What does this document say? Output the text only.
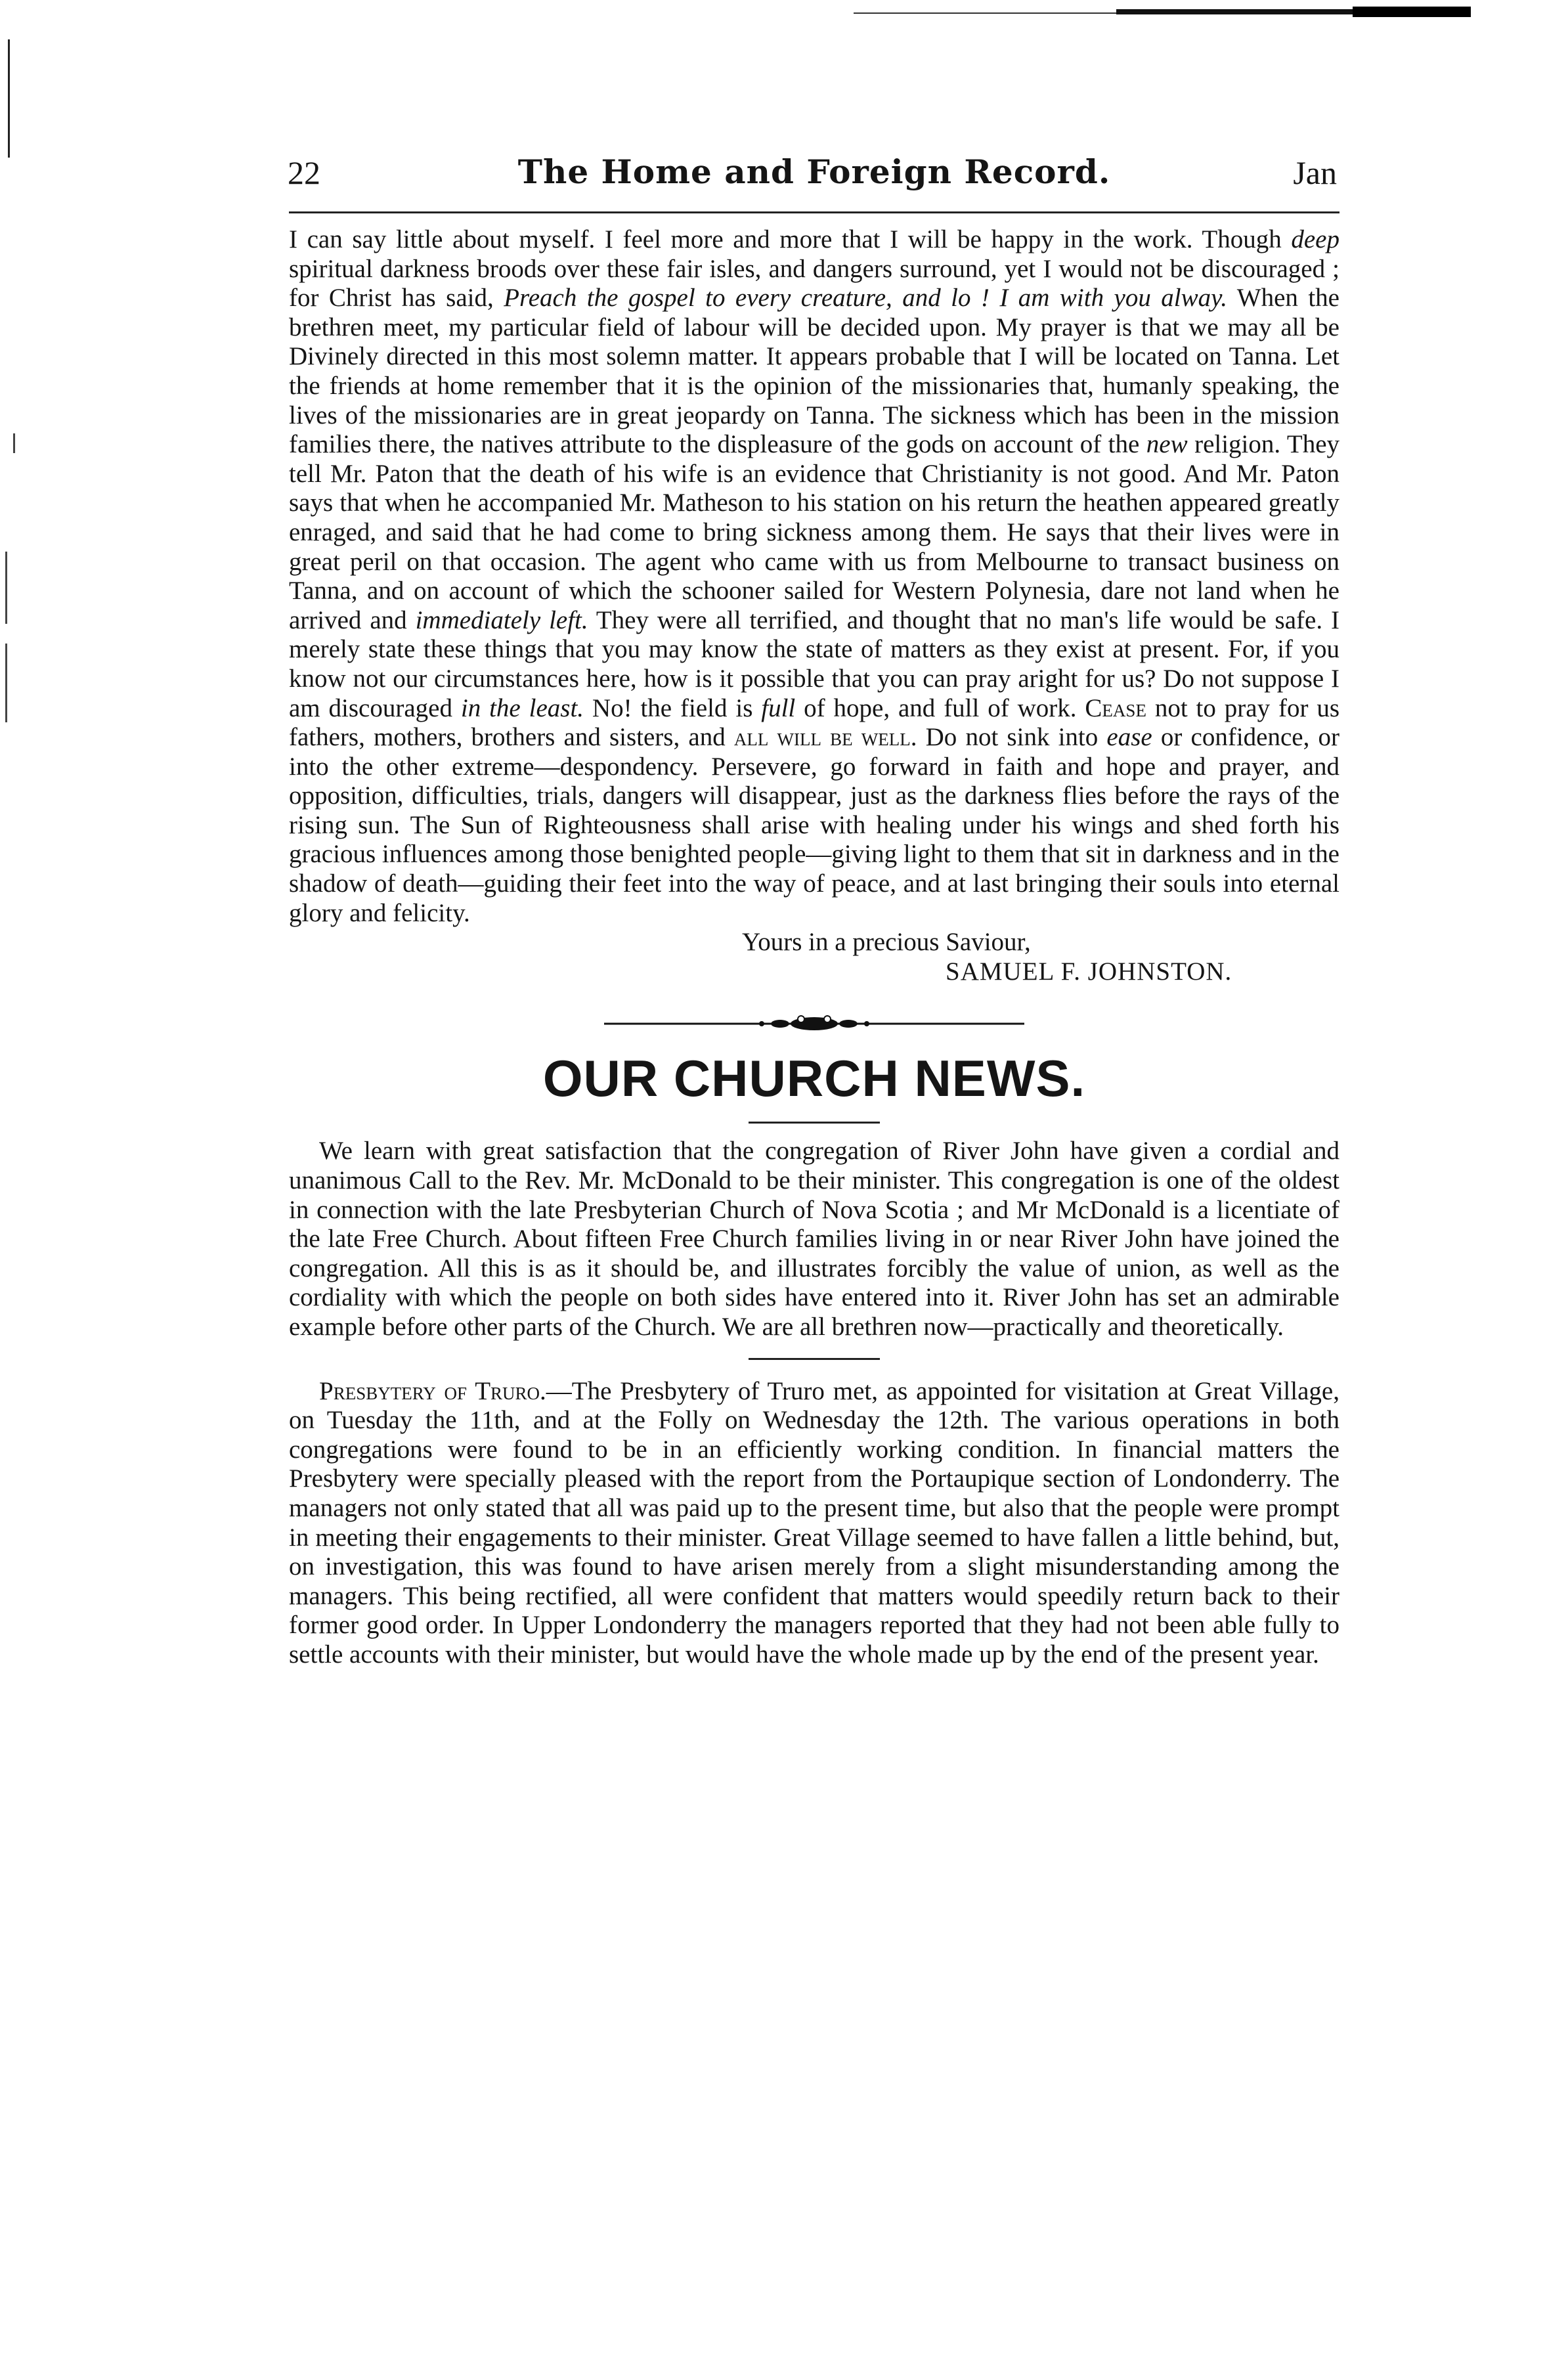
22	The Home and Foreign Record.	Jan

I can say little about myself. I feel more and more that I will be happy in the work. Though deep spiritual darkness broods over these fair isles, and dangers surround, yet I would not be discouraged ; for Christ has said, Preach the gospel to every creature, and lo ! I am with you alway. When the brethren meet, my particular field of labour will be decided upon. My prayer is that we may all be Divinely directed in this most solemn matter. It appears probable that I will be located on Tanna. Let the friends at home remember that it is the opinion of the missionaries that, humanly speaking, the lives of the missionaries are in great jeopardy on Tanna. The sickness which has been in the mission families there, the natives attribute to the displeasure of the gods on account of the new religion. They tell Mr. Paton that the death of his wife is an evidence that Christianity is not good. And Mr. Paton says that when he accompanied Mr. Matheson to his station on his return the heathen appeared greatly enraged, and said that he had come to bring sickness among them. He says that their lives were in great peril on that occasion. The agent who came with us from Melbourne to transact business on Tanna, and on account of which the schooner sailed for Western Polynesia, dare not land when he arrived and immediately left. They were all terrified, and thought that no man's life would be safe. I merely state these things that you may know the state of matters as they exist at present. For, if you know not our circumstances here, how is it possible that you can pray aright for us? Do not suppose I am discouraged in the least. No! the field is full of hope, and full of work. Cease not to pray for us fathers, mothers, brothers and sisters, and all will be well. Do not sink into ease or confidence, or into the other extreme—despondency. Persevere, go forward in faith and hope and prayer, and opposition, difficulties, trials, dangers will disappear, just as the darkness flies before the rays of the rising sun. The Sun of Righteousness shall arise with healing under his wings and shed forth his gracious influences among those benighted people—giving light to them that sit in darkness and in the shadow of death—guiding their feet into the way of peace, and at last bringing their souls into eternal glory and felicity.

Yours in a precious Saviour,
SAMUEL F. JOHNSTON.
OUR CHURCH NEWS.

We learn with great satisfaction that the congregation of River John have given a cordial and unanimous Call to the Rev. Mr. McDonald to be their minister. This congregation is one of the oldest in connection with the late Presbyterian Church of Nova Scotia ; and Mr McDonald is a licentiate of the late Free Church. About fifteen Free Church families living in or near River John have joined the congregation. All this is as it should be, and illustrates forcibly the value of union, as well as the cordiality with which the people on both sides have entered into it. River John has set an admirable example before other parts of the Church. We are all brethren now—practically and theoretically.

Presbytery of Truro.—The Presbytery of Truro met, as appointed for visitation at Great Village, on Tuesday the 11th, and at the Folly on Wednesday the 12th. The various operations in both congregations were found to be in an efficiently working condition. In financial matters the Presbytery were specially pleased with the report from the Portaupique section of Londonderry. The managers not only stated that all was paid up to the present time, but also that the people were prompt in meeting their engagements to their minister. Great Village seemed to have fallen a little behind, but, on investigation, this was found to have arisen merely from a slight misunderstanding among the managers. This being rectified, all were confident that matters would speedily return back to their former good order. In Upper Londonderry the managers reported that they had not been able fully to settle accounts with their minister, but would have the whole made up by the end of the present year.
